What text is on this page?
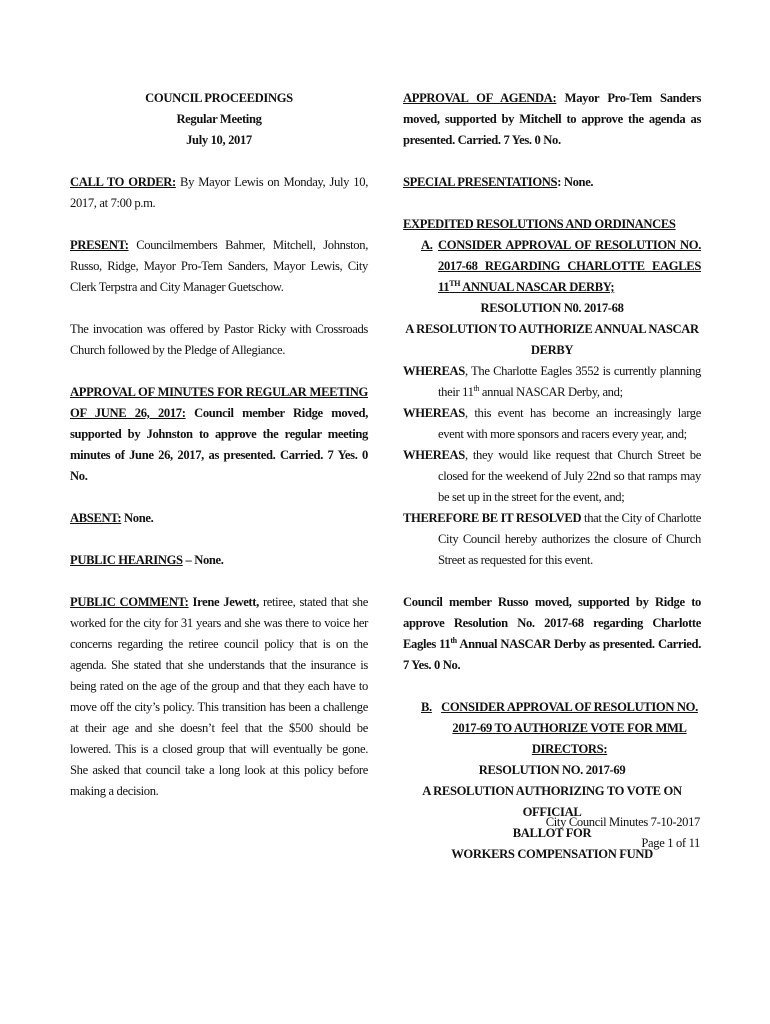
COUNCIL PROCEEDINGS
Regular Meeting
July 10, 2017

CALL TO ORDER: By Mayor Lewis on Monday, July 10, 2017, at 7:00 p.m.

PRESENT: Councilmembers Bahmer, Mitchell, Johnston, Russo, Ridge, Mayor Pro-Tem Sanders, Mayor Lewis, City Clerk Terpstra and City Manager Guetschow.

The invocation was offered by Pastor Ricky with Crossroads Church followed by the Pledge of Allegiance.

APPROVAL OF MINUTES FOR REGULAR MEETING OF JUNE 26, 2017: Council member Ridge moved, supported by Johnston to approve the regular meeting minutes of June 26, 2017, as presented. Carried. 7 Yes. 0 No.

ABSENT: None.

PUBLIC HEARINGS – None.

PUBLIC COMMENT: Irene Jewett, retiree, stated that she worked for the city for 31 years and she was there to voice her concerns regarding the retiree council policy that is on the agenda. She stated that she understands that the insurance is being rated on the age of the group and that they each have to move off the city’s policy. This transition has been a challenge at their age and she doesn’t feel that the $500 should be lowered. This is a closed group that will eventually be gone. She asked that council take a long look at this policy before making a decision.

APPROVAL OF AGENDA: Mayor Pro-Tem Sanders moved, supported by Mitchell to approve the agenda as presented. Carried. 7 Yes. 0 No.

SPECIAL PRESENTATIONS: None.

EXPEDITED RESOLUTIONS AND ORDINANCES
A. CONSIDER APPROVAL OF RESOLUTION NO. 2017-68 REGARDING CHARLOTTE EAGLES 11TH ANNUAL NASCAR DERBY;
RESOLUTION N0. 2017-68
A RESOLUTION TO AUTHORIZE ANNUAL NASCAR DERBY

WHEREAS, The Charlotte Eagles 3552 is currently planning their 11th annual NASCAR Derby, and;

WHEREAS, this event has become an increasingly large event with more sponsors and racers every year, and;

WHEREAS, they would like request that Church Street be closed for the weekend of July 22nd so that ramps may be set up in the street for the event, and;

THEREFORE BE IT RESOLVED that the City of Charlotte City Council hereby authorizes the closure of Church Street as requested for this event.

Council member Russo moved, supported by Ridge to approve Resolution No. 2017-68 regarding Charlotte Eagles 11th Annual NASCAR Derby as presented. Carried. 7 Yes. 0 No.

B. CONSIDER APPROVAL OF RESOLUTION NO. 2017-69 TO AUTHORIZE VOTE FOR MML DIRECTORS:
RESOLUTION NO. 2017-69
A RESOLUTION AUTHORIZING TO VOTE ON OFFICIAL
BALLOT FOR
WORKERS COMPENSATION FUND
City Council Minutes 7-10-2017
Page 1 of 11
